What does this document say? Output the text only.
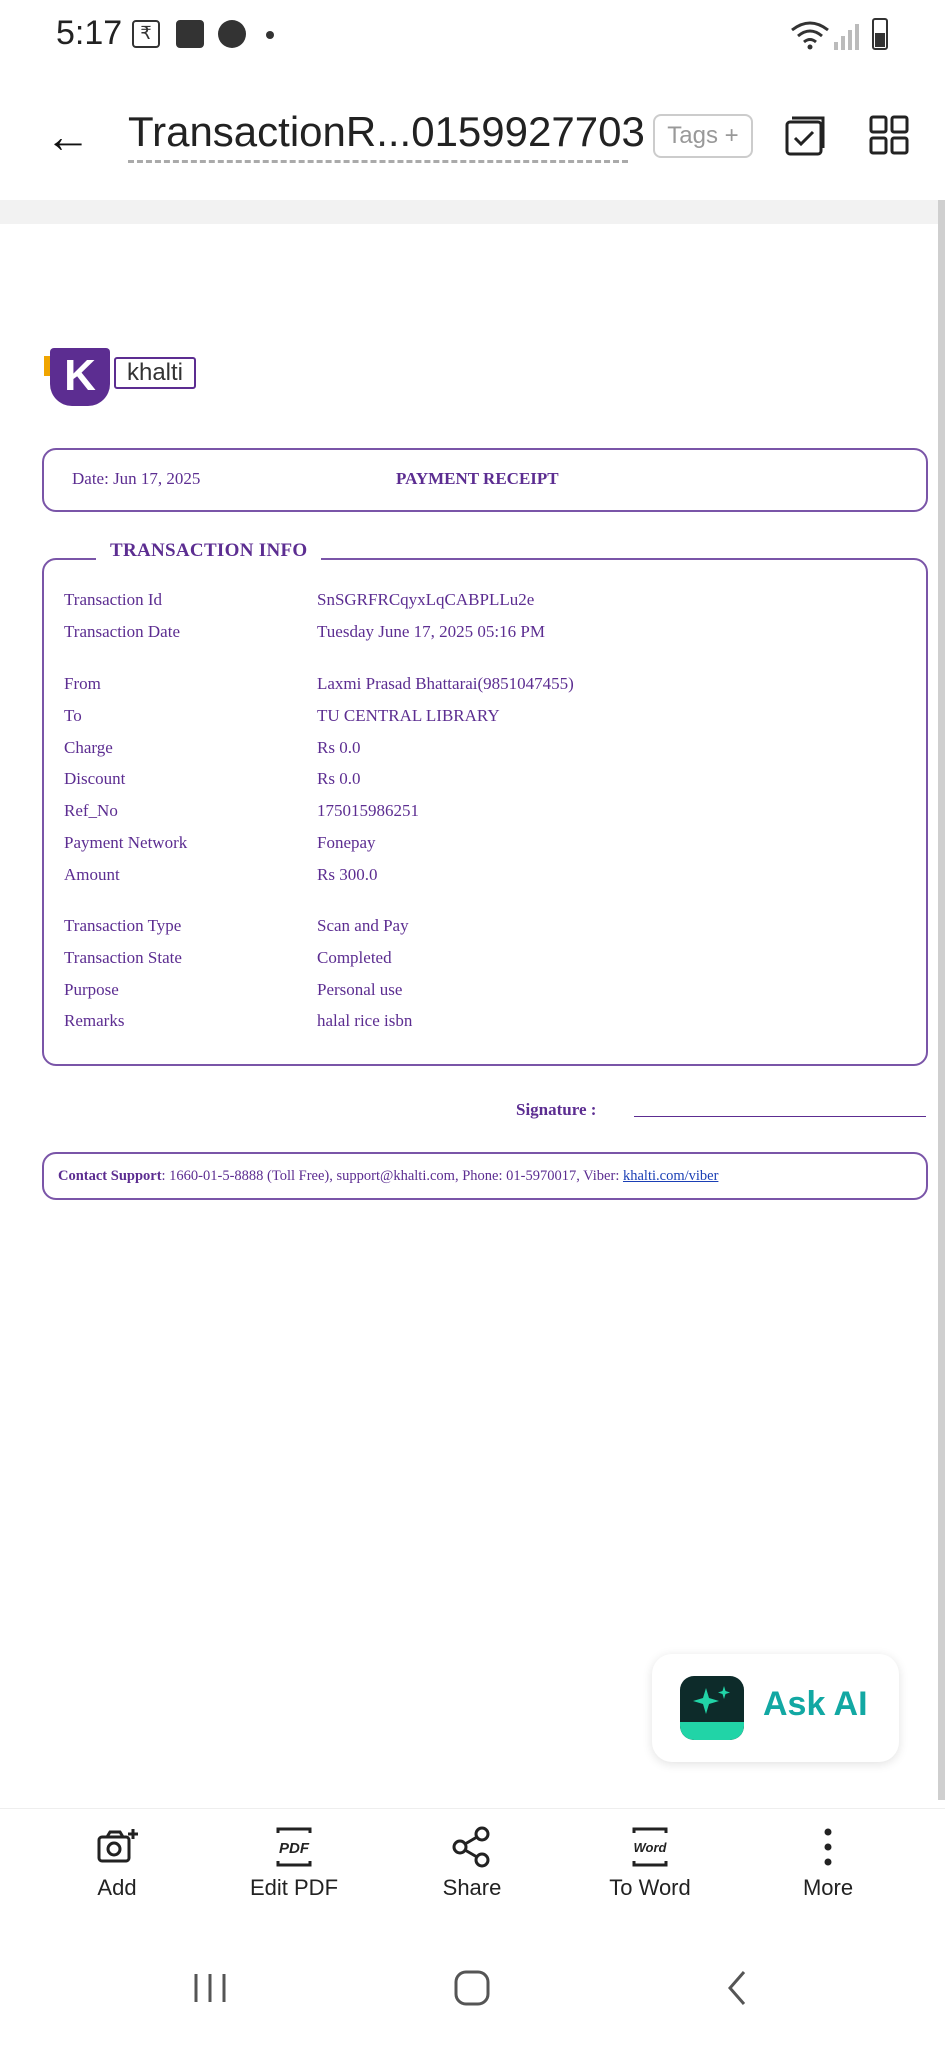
5:17	₹
← TransactionR...0159927703 Tags +
K	khalti
Date: Jun 17, 2025	PAYMENT RECEIPT
TRANSACTION INFO
Transaction Id	SnSGRFRCqyxLqCABPLLu2e
Transaction Date	Tuesday June 17, 2025 05:16 PM
From	Laxmi Prasad Bhattarai(9851047455)
To	TU CENTRAL LIBRARY
Charge	Rs 0.0
Discount	Rs 0.0
Ref_No	175015986251
Payment Network	Fonepay
Amount	Rs 300.0
Transaction Type	Scan and Pay
Transaction State	Completed
Purpose	Personal use
Remarks	halal rice isbn
Signature :
Contact Support: 1660-01-5-8888 (Toll Free), support@khalti.com, Phone: 01-5970017, Viber: khalti.com/viber
Ask AI
Add
PDF
Edit PDF	Share
Word
To Word	More
